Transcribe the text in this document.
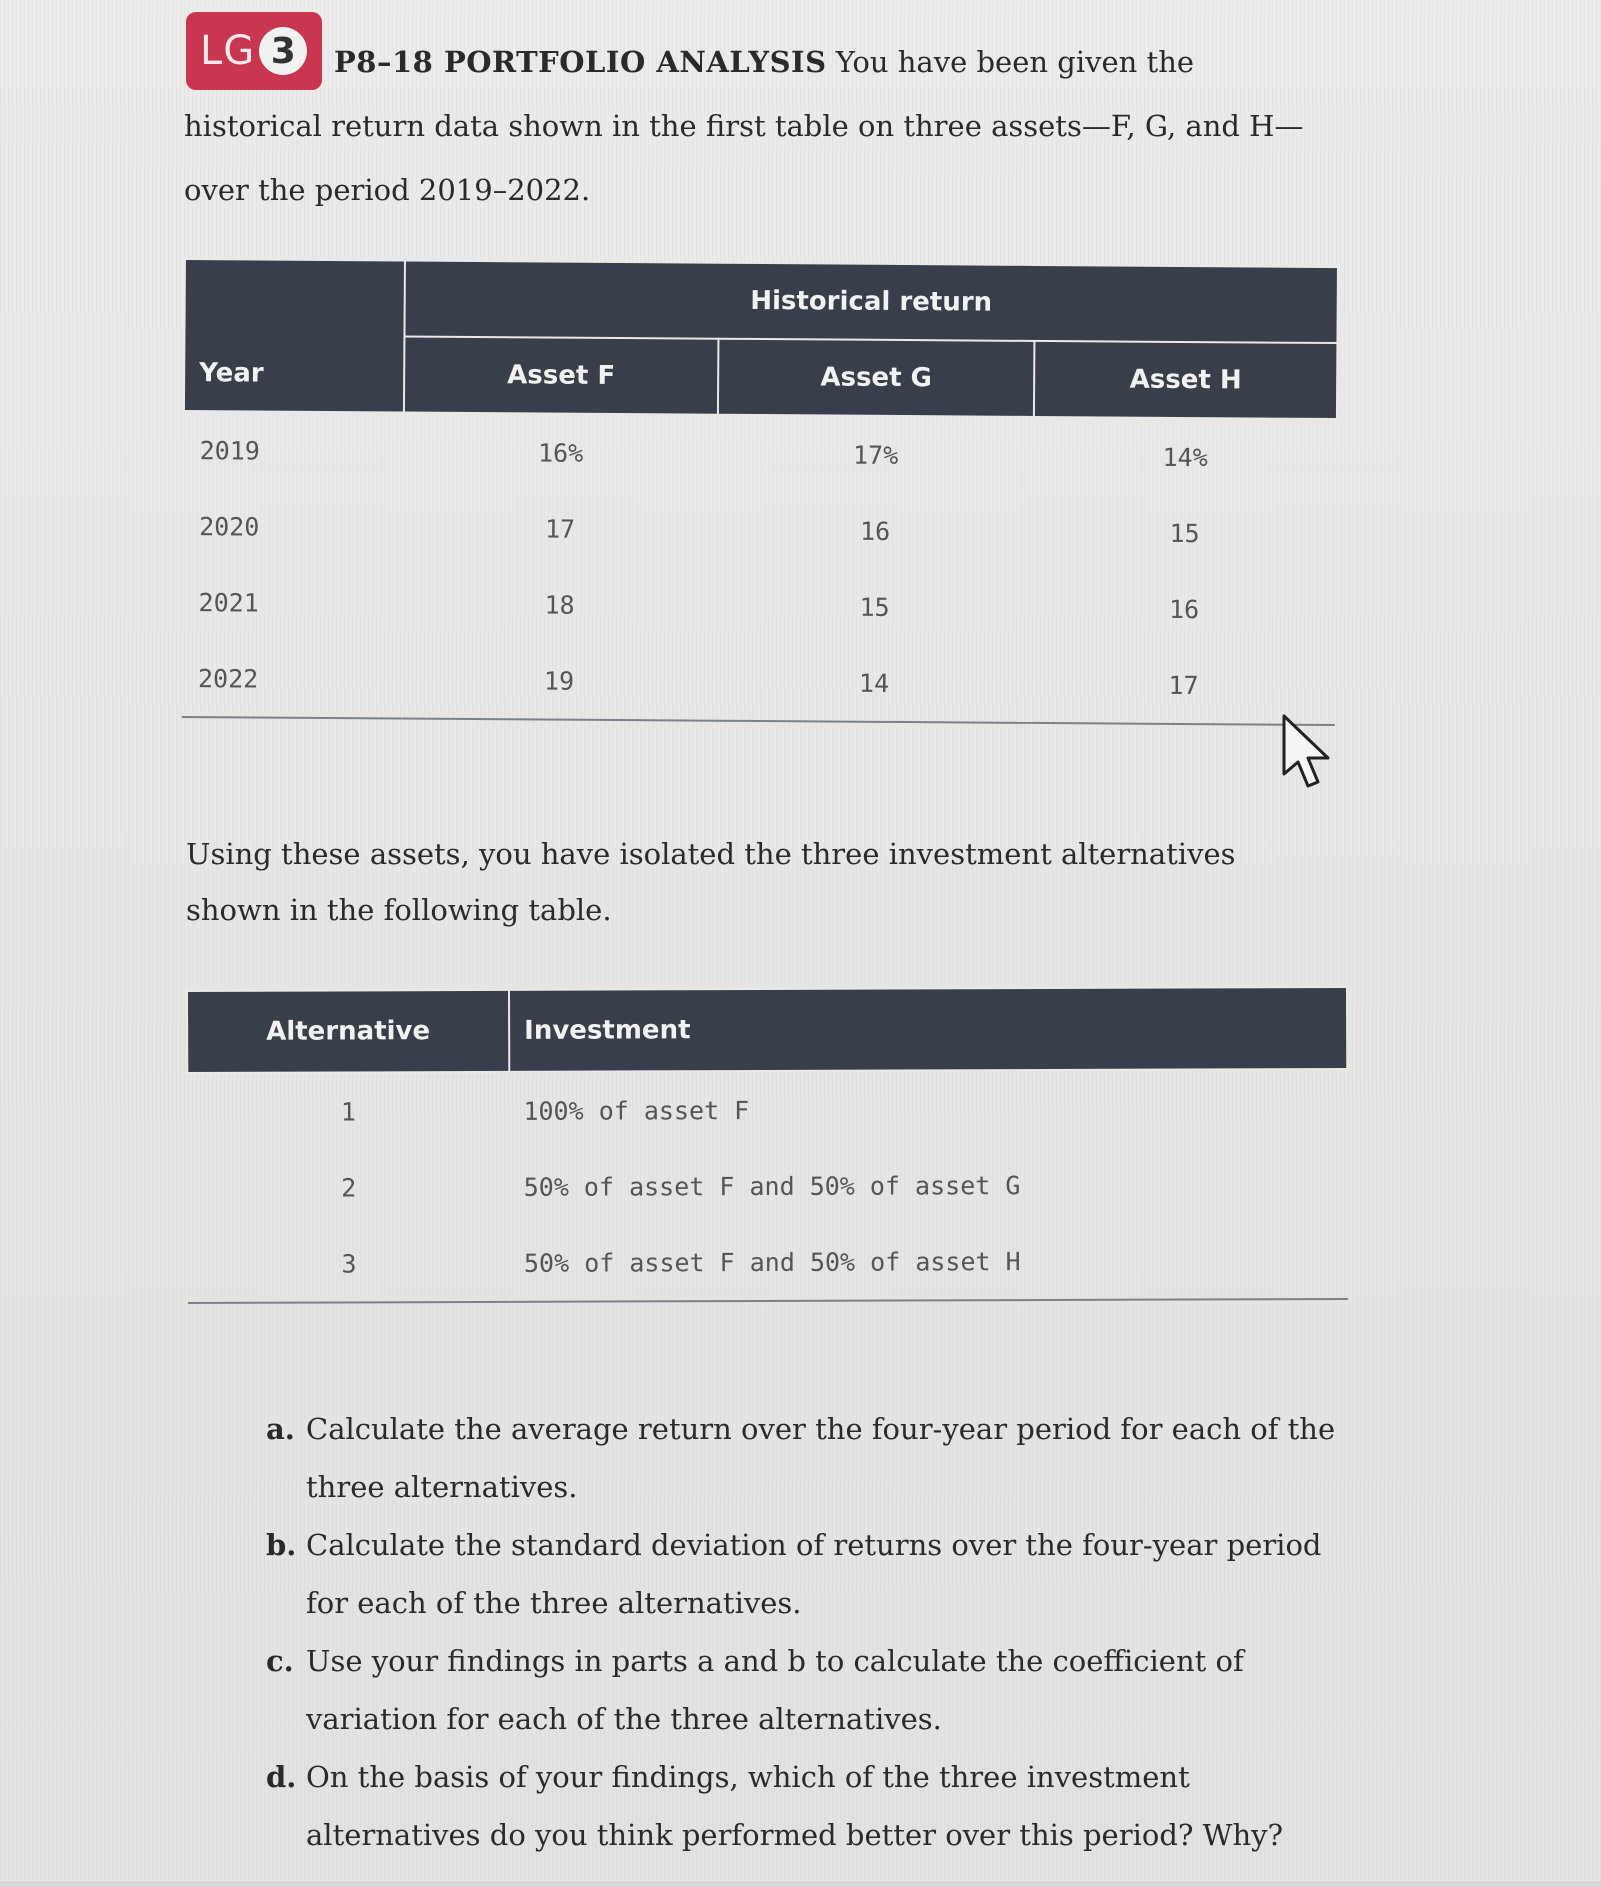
LG 3	P8–18 PORTFOLIO ANALYSIS You have been given the historical return data shown in the first table on three assets—F, G, and H—over the period 2019–2022.
	Historical return		
Year	Asset F	Asset G	Asset H
2019	16%	17%	14%
2020	17	16	15
2021	18	15	16
2022	19	14	17
Using these assets, you have isolated the three investment alternatives shown in the following table.
Alternative	Investment
1	100% of asset F
2	50% of asset F and 50% of asset G
3	50% of asset F and 50% of asset H
a. Calculate the average return over the four-year period for each of the three alternatives.
b. Calculate the standard deviation of returns over the four-year period for each of the three alternatives.
c. Use your findings in parts a and b to calculate the coefficient of variation for each of the three alternatives.
d. On the basis of your findings, which of the three investment alternatives do you think performed better over this period? Why?
